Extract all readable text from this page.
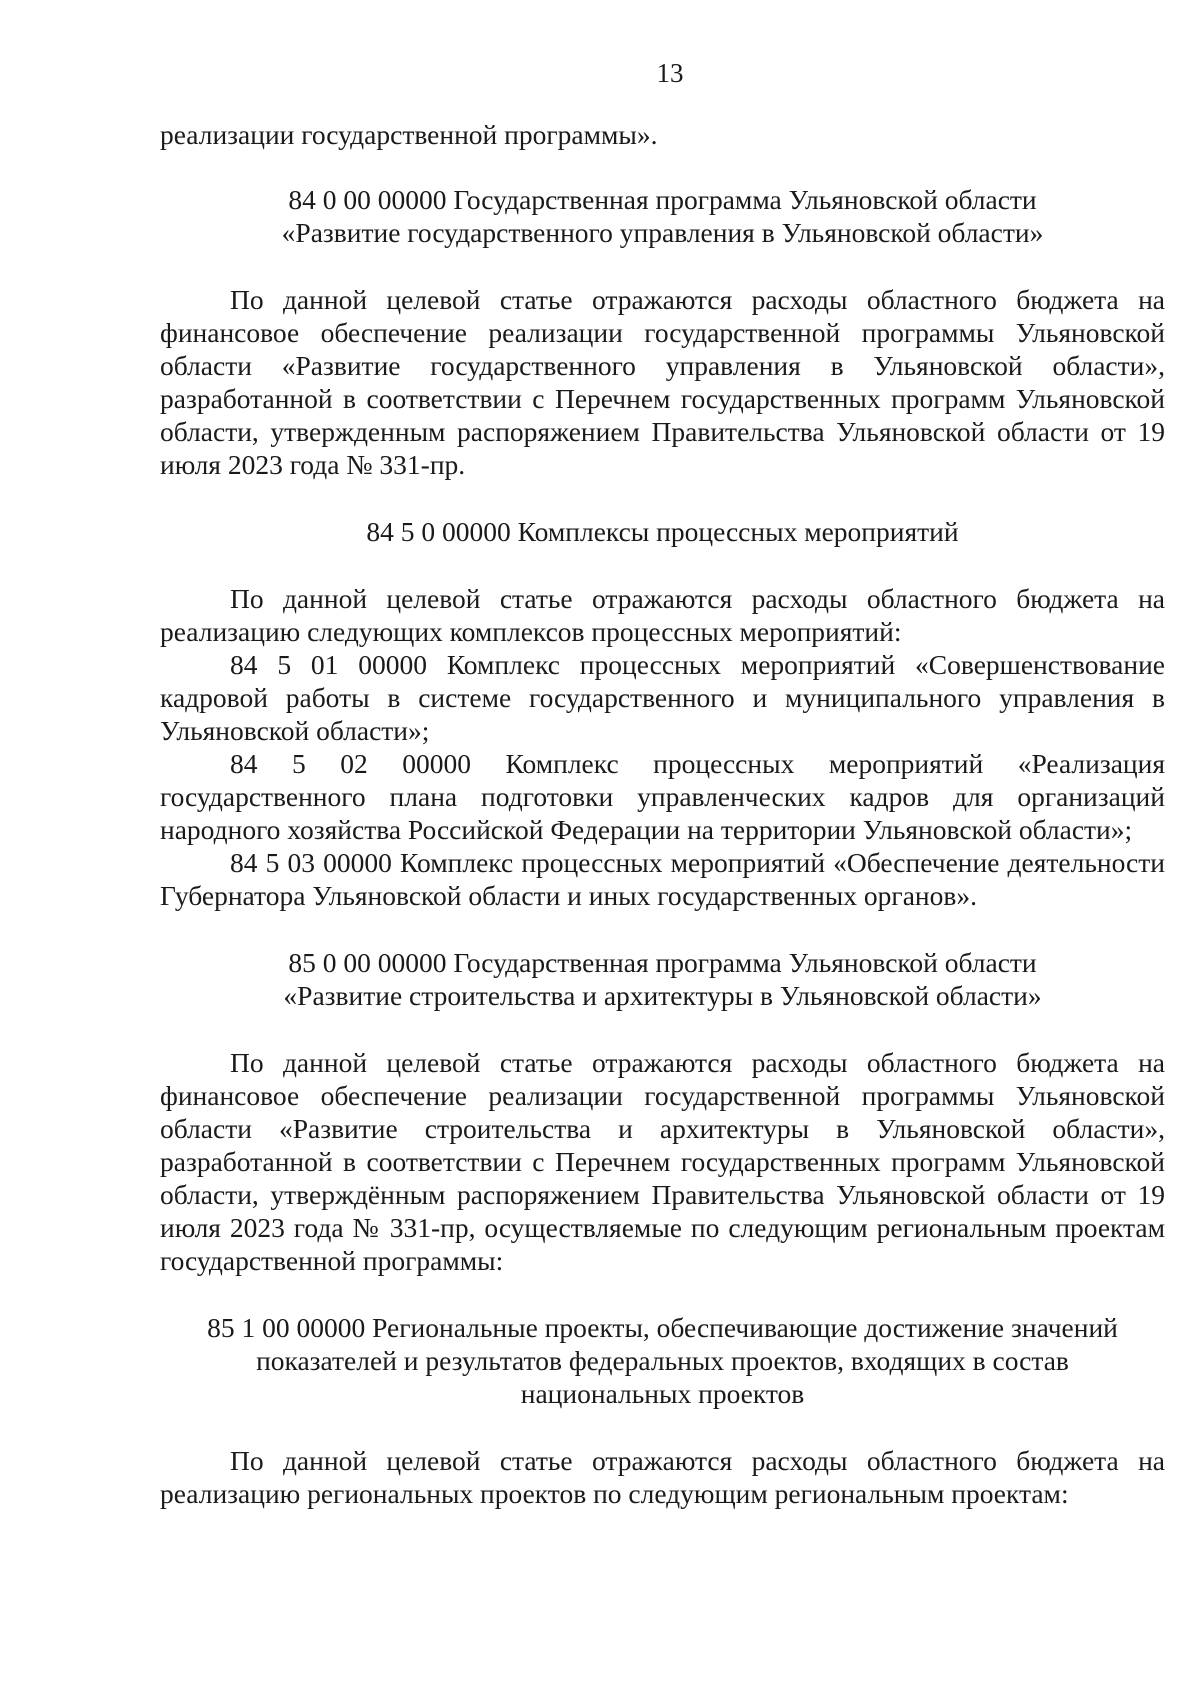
13

реализации государственной программы».

84 0 00 00000 Государственная программа Ульяновской области
«Развитие государственного управления в Ульяновской области»

По данной целевой статье отражаются расходы областного бюджета на финансовое обеспечение реализации государственной программы Ульяновской области «Развитие государственного управления в Ульяновской области», разработанной в соответствии с Перечнем государственных программ Ульяновской области, утвержденным распоряжением Правительства Ульяновской области от 19 июля 2023 года № 331-пр.

84 5 0 00000 Комплексы процессных мероприятий

По данной целевой статье отражаются расходы областного бюджета на реализацию следующих комплексов процессных мероприятий:

84 5 01 00000 Комплекс процессных мероприятий «Совершенствование кадровой работы в системе государственного и муниципального управления в Ульяновской области»;

84 5 02 00000 Комплекс процессных мероприятий «Реализация государственного плана подготовки управленческих кадров для организаций народного хозяйства Российской Федерации на территории Ульяновской области»;

84 5 03 00000 Комплекс процессных мероприятий «Обеспечение деятельности Губернатора Ульяновской области и иных государственных органов».

85 0 00 00000 Государственная программа Ульяновской области
«Развитие строительства и архитектуры в Ульяновской области»

По данной целевой статье отражаются расходы областного бюджета на финансовое обеспечение реализации государственной программы Ульяновской области «Развитие строительства и архитектуры в Ульяновской области», разработанной в соответствии с Перечнем государственных программ Ульяновской области, утверждённым распоряжением Правительства Ульяновской области от 19 июля 2023 года № 331-пр, осуществляемые по следующим региональным проектам государственной программы:

85 1 00 00000 Региональные проекты, обеспечивающие достижение значений
показателей и результатов федеральных проектов, входящих в состав
национальных проектов

По данной целевой статье отражаются расходы областного бюджета на реализацию региональных проектов по следующим региональным проектам:
